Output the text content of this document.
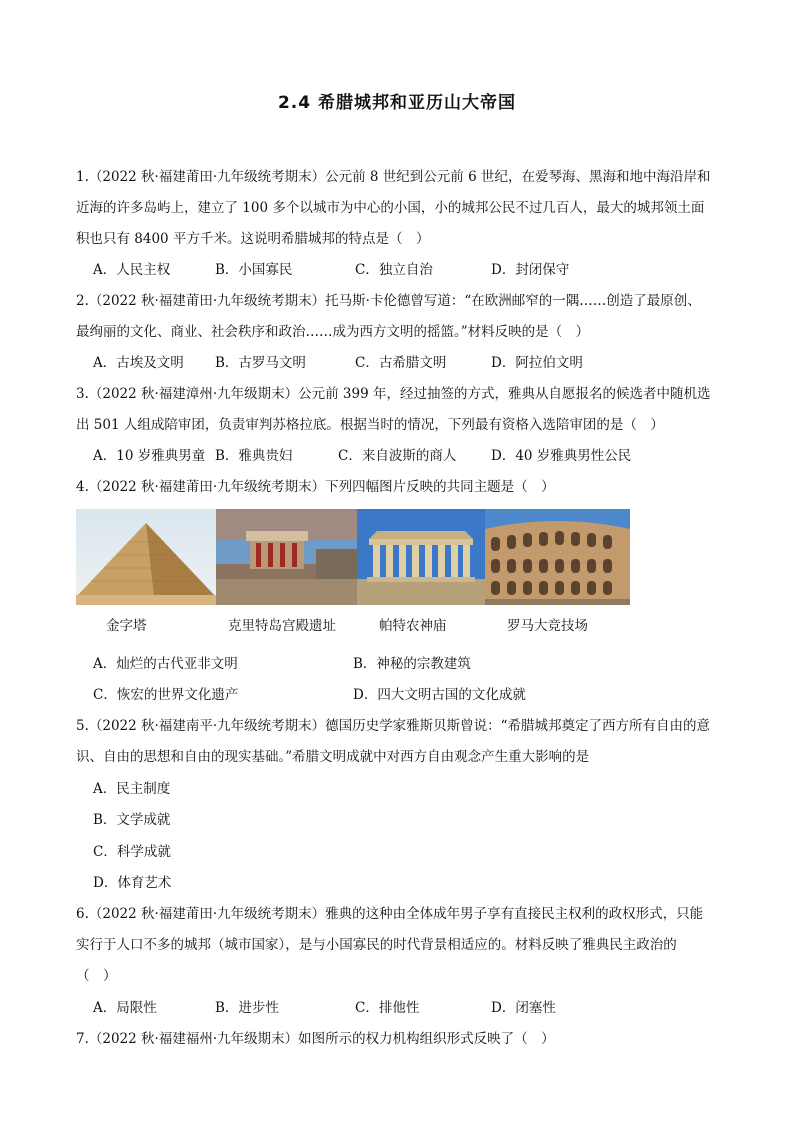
2.4 希腊城邦和亚历山大帝国
1.（2022 秋·福建莆田·九年级统考期末）公元前 8 世纪到公元前 6 世纪，在爱琴海、黑海和地中海沿岸和
近海的许多岛屿上，建立了 100 多个以城市为中心的小国，小的城邦公民不过几百人，最大的城邦领土面
积也只有 8400 平方千米。这说明希腊城邦的特点是（　）
A．人民主权	B．小国寡民	C．独立自治	D．封闭保守
2.（2022 秋·福建莆田·九年级统考期末）托马斯·卡伦德曾写道：“在欧洲邮窄的一隅……创造了最原创、
最绚丽的文化、商业、社会秩序和政治……成为西方文明的摇篮。”材料反映的是（　）
A．古埃及文明 B．古罗马文明	C．古希腊文明	D．阿拉伯文明
3.（2022 秋·福建漳州·九年级期末）公元前 399 年，经过抽签的方式，雅典从自愿报名的候选者中随机选
出 501 人组成陪审团，负责审判苏格拉底。根据当时的情况，下列最有资格入选陪审团的是（　）
A．10 岁雅典男童 B．雅典贵妇	C．来自波斯的商人	D．40 岁雅典男性公民
4.（2022 秋·福建莆田·九年级统考期末）下列四幅图片反映的共同主题是（　）
金字塔	克里特岛宫殿遗址	帕特农神庙	罗马大竞技场
A．灿烂的古代亚非文明	B．神秘的宗教建筑
C．恢宏的世界文化遗产	D．四大文明古国的文化成就
5.（2022 秋·福建南平·九年级统考期末）德国历史学家雅斯贝斯曾说：“希腊城邦奠定了西方所有自由的意
识、自由的思想和自由的现实基础。”希腊文明成就中对西方自由观念产生重大影响的是
A．民主制度
B．文学成就
C．科学成就
D．体育艺术
6.（2022 秋·福建莆田·九年级统考期末）雅典的这种由全体成年男子享有直接民主权利的政权形式，只能
实行于人口不多的城邦（城市国家），是与小国寡民的时代背景相适应的。材料反映了雅典民主政治的
（　）
A．局限性	B．进步性	C．排他性	D．闭塞性
7.（2022 秋·福建福州·九年级期末）如图所示的权力机构组织形式反映了（　）
